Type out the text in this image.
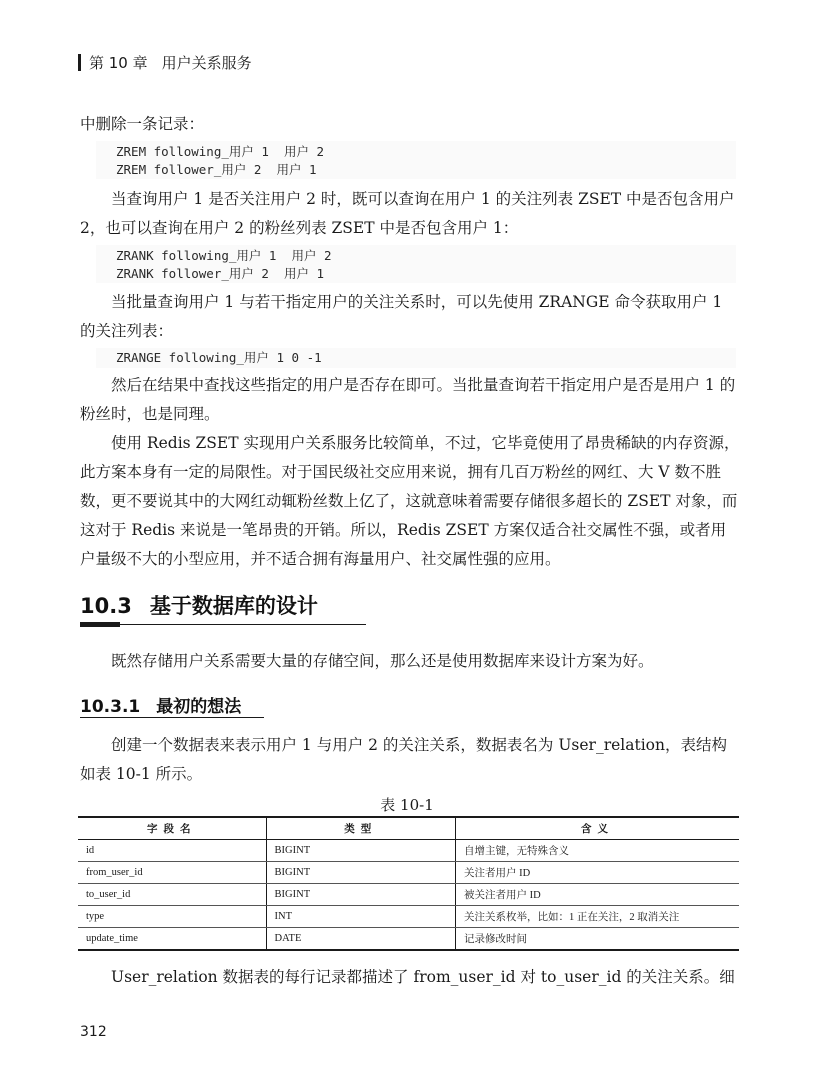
第 10 章 用户关系服务
中删除一条记录：
ZREM following_用户 1  用户 2
ZREM follower_用户 2  用户 1
当查询用户 1 是否关注用户 2 时，既可以查询在用户 1 的关注列表 ZSET 中是否包含用户 2，也可以查询在用户 2 的粉丝列表 ZSET 中是否包含用户 1：
ZRANK following_用户 1  用户 2
ZRANK follower_用户 2  用户 1
当批量查询用户 1 与若干指定用户的关注关系时，可以先使用 ZRANGE 命令获取用户 1 的关注列表：
ZRANGE following_用户 1 0 -1
然后在结果中查找这些指定的用户是否存在即可。当批量查询若干指定用户是否是用户 1 的粉丝时，也是同理。
使用 Redis ZSET 实现用户关系服务比较简单，不过，它毕竟使用了昂贵稀缺的内存资源，此方案本身有一定的局限性。对于国民级社交应用来说，拥有几百万粉丝的网红、大 V 数不胜数，更不要说其中的大网红动辄粉丝数上亿了，这就意味着需要存储很多超长的 ZSET 对象，而这对于 Redis 来说是一笔昂贵的开销。所以，Redis ZSET 方案仅适合社交属性不强，或者用户量级不大的小型应用，并不适合拥有海量用户、社交属性强的应用。
10.3 基于数据库的设计
既然存储用户关系需要大量的存储空间，那么还是使用数据库来设计方案为好。
10.3.1 最初的想法
创建一个数据表来表示用户 1 与用户 2 的关注关系，数据表名为 User_relation，表结构如表 10-1 所示。
表 10-1
字段名	类型	含义
id	BIGINT	自增主键，无特殊含义
from_user_id	BIGINT	关注者用户 ID
to_user_id	BIGINT	被关注者用户 ID
type	INT	关注关系枚举，比如：1 正在关注，2 取消关注
update_time	DATE	记录修改时间
User_relation 数据表的每行记录都描述了 from_user_id 对 to_user_id 的关注关系。细
312
